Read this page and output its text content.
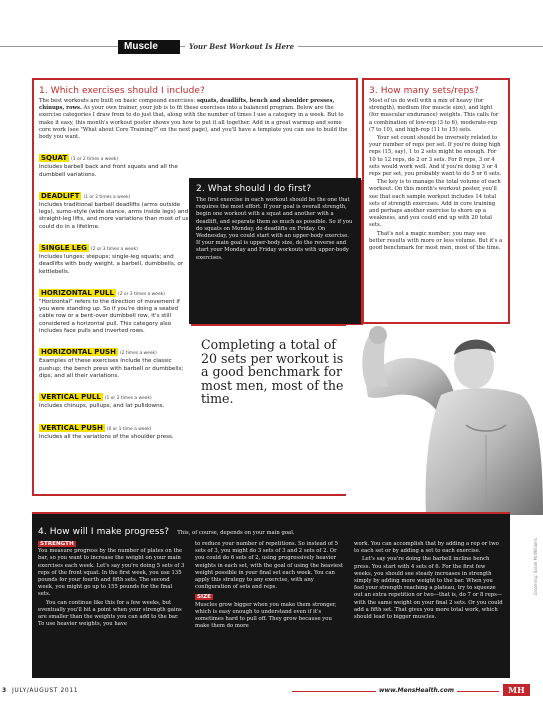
Muscle	Your Best Workout Is Here
1. Which exercises should I include?
The best workouts are built on basic compound exercises: squats, deadlifts, bench and shoulder presses, chinups, rows. As your own trainer, your job is to fit these exercises into a balanced program. Below are the exercise categories I draw from to do just that, along with the number of times I use a category in a week. But to make it easy, this month's workout poster shows you how to put it all together. Add in a great warmup and some core work (see "What about Core Training?" on the next page), and you'll have a template you can use to build the body you want.
SQUAT (1 or 2 times a week)
Includes barbell back and front squats and all the dumbbell variations.
DEADLIFT (1 or 2 times a week)
Includes traditional barbell deadlifts (arms outside legs), sumo-style (wide stance, arms inside legs) and straight-leg lifts, and more variations than most of us could do in a lifetime.
SINGLE LEG (2 or 3 times a week)
Includes lunges; stepups; single-leg squats; and deadlifts with body weight, a barbell, dumbbells, or kettlebells.
HORIZONTAL PULL (2 or 3 times a week)
"Horizontal" refers to the direction of movement if you were standing up. So if you're doing a seated cable row or a bent-over dumbbell row, it's still considered a horizontal pull. This category also includes face pulls and inverted rows.
HORIZONTAL PUSH (2 times a week)
Examples of these exercises include the classic pushup; the bench press with barbell or dumbbells; dips; and all their variations.
VERTICAL PULL (1 or 2 times a week)
Includes chinups, pullups, and lat pulldowns.
VERTICAL PUSH (0 or 1 time a week)
Includes all the variations of the shoulder press.
3. How many sets/reps?

Most of us do well with a mix of heavy (for strength), medium (for muscle size), and light (for muscular endurance) weights. This calls for a combination of low-rep (3 to 6), moderate-rep (7 to 10), and high-rep (11 to 15) sets.

Your set count should be inversely related to your number of reps per set. If you're doing high reps (15, say), 1 to 2 sets might be enough. For 10 to 12 reps, do 2 or 3 sets. For 8 reps, 3 or 4 sets would work well. And if you're doing 3 or 4 reps per set, you probably want to do 5 or 6 sets.

The key is to manage the total volume of each workout. On this month's workout poster, you'll see that each sample workout includes 14 total sets of strength exercises. Add in core training and perhaps another exercise to shore up a weakness, and you could end up with 20 total sets.

That's not a magic number; you may see better results with more or less volume. But it's a good benchmark for most men, most of the time.

2. What should I do first?
The first exercise in each workout should be the one that requires the most effort. If your goal is overall strength, begin one workout with a squat and another with a deadlift, and separate them as much as possible. So if you do squats on Monday, do deadlifts on Friday. On Wednesday, you could start with an upper-body exercise. If your main goal is upper-body size, do the reverse and start your Monday and Friday workouts with upper-body exercises.
Completing a total of 20 sets per workout is a good benchmark for most men, most of the time.
4. How will I make progress? This, of course, depends on your main goal.
STRENGTH

You measure progress by the number of plates on the bar, so you want to increase the weight on your main exercises each week. Let's say you're doing 5 sets of 3 reps of the front squat. In the first week, you use 135 pounds for your fourth and fifth sets. The second week, you might go up to 155 pounds for the final sets.

You can continue like this for a few weeks, but eventually you'll hit a point when your strength gains are smaller than the weights you can add to the bar. To use heavier weights, you have

to reduce your number of repetitions. So instead of 5 sets of 3, you might do 3 sets of 3 and 2 sets of 2. Or you could do 6 sets of 2, using progressively heavier weights in each set, with the goal of using the heaviest weight possible in your final set each week. You can apply this strategy to any exercise, with any configuration of sets and reps.

SIZE

Muscles grow bigger when you make them stronger, which is easy enough to understand even if it's sometimes hard to pull off. They grow because you make them do more

work. You can accomplish that by adding a rep or two to each set or by adding a set to each exercise.

Let's say you're doing the barbell incline bench press. You start with 4 sets of 6. For the first few weeks, you should see steady increases in strength simply by adding more weight to the bar. When you feel your strength reaching a plateau, try to squeeze out an extra repetition or two—that is, do 7 or 8 reps—with the same weight on your final 2 sets. Or you could add a fifth set. That gives you more total work, which should lead to bigger muscles.

Grooming: Sarah McWilliams
3 JULY/AUGUST 2011	www.MensHealth.com	MH
